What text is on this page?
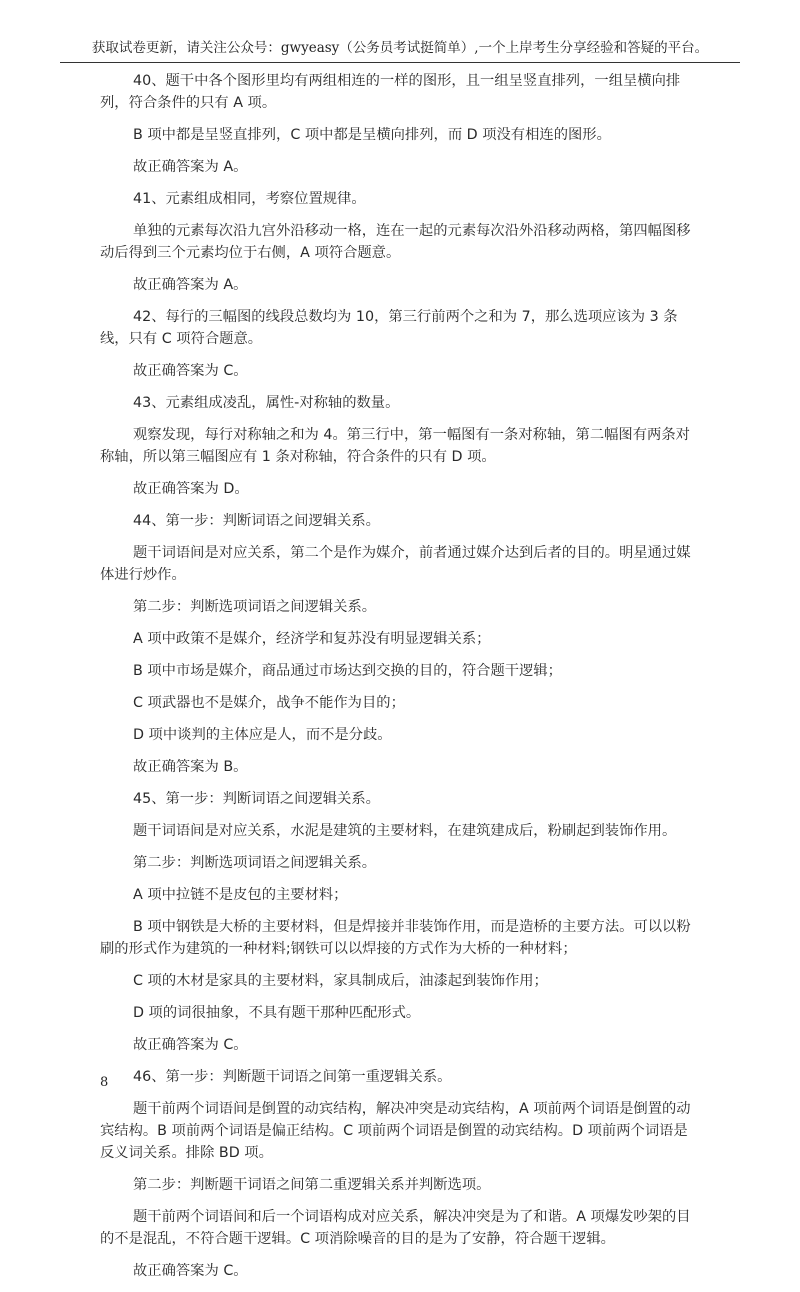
获取试卷更新，请关注公众号：gwyeasy（公务员考试挺简单）,一个上岸考生分享经验和答疑的平台。

40、题干中各个图形里均有两组相连的一样的图形，且一组呈竖直排列，一组呈横向排列，符合条件的只有 A 项。

B 项中都是呈竖直排列，C 项中都是呈横向排列，而 D 项没有相连的图形。

故正确答案为 A。

41、元素组成相同，考察位置规律。

单独的元素每次沿九宫外沿移动一格，连在一起的元素每次沿外沿移动两格，第四幅图移动后得到三个元素均位于右侧，A 项符合题意。

故正确答案为 A。

42、每行的三幅图的线段总数均为 10，第三行前两个之和为 7，那么选项应该为 3 条线，只有 C 项符合题意。

故正确答案为 C。

43、元素组成凌乱，属性-对称轴的数量。

观察发现，每行对称轴之和为 4。第三行中，第一幅图有一条对称轴，第二幅图有两条对称轴，所以第三幅图应有 1 条对称轴，符合条件的只有 D 项。

故正确答案为 D。

44、第一步：判断词语之间逻辑关系。

题干词语间是对应关系，第二个是作为媒介，前者通过媒介达到后者的目的。明星通过媒体进行炒作。

第二步：判断选项词语之间逻辑关系。

A 项中政策不是媒介，经济学和复苏没有明显逻辑关系；

B 项中市场是媒介，商品通过市场达到交换的目的，符合题干逻辑；

C 项武器也不是媒介，战争不能作为目的；

D 项中谈判的主体应是人，而不是分歧。

故正确答案为 B。

45、第一步：判断词语之间逻辑关系。

题干词语间是对应关系，水泥是建筑的主要材料，在建筑建成后，粉刷起到装饰作用。

第二步：判断选项词语之间逻辑关系。

A 项中拉链不是皮包的主要材料；

B 项中钢铁是大桥的主要材料，但是焊接并非装饰作用，而是造桥的主要方法。可以以粉刷的形式作为建筑的一种材料;钢铁可以以焊接的方式作为大桥的一种材料；

C 项的木材是家具的主要材料，家具制成后，油漆起到装饰作用；

D 项的词很抽象，不具有题干那种匹配形式。

故正确答案为 C。

46、第一步：判断题干词语之间第一重逻辑关系。

题干前两个词语间是倒置的动宾结构，解决冲突是动宾结构，A 项前两个词语是倒置的动宾结构。B 项前两个词语是偏正结构。C 项前两个词语是倒置的动宾结构。D 项前两个词语是反义词关系。排除 BD 项。

第二步：判断题干词语之间第二重逻辑关系并判断选项。

题干前两个词语间和后一个词语构成对应关系，解决冲突是为了和谐。A 项爆发吵架的目的不是混乱，不符合题干逻辑。C 项消除噪音的目的是为了安静，符合题干逻辑。

故正确答案为 C。

8
